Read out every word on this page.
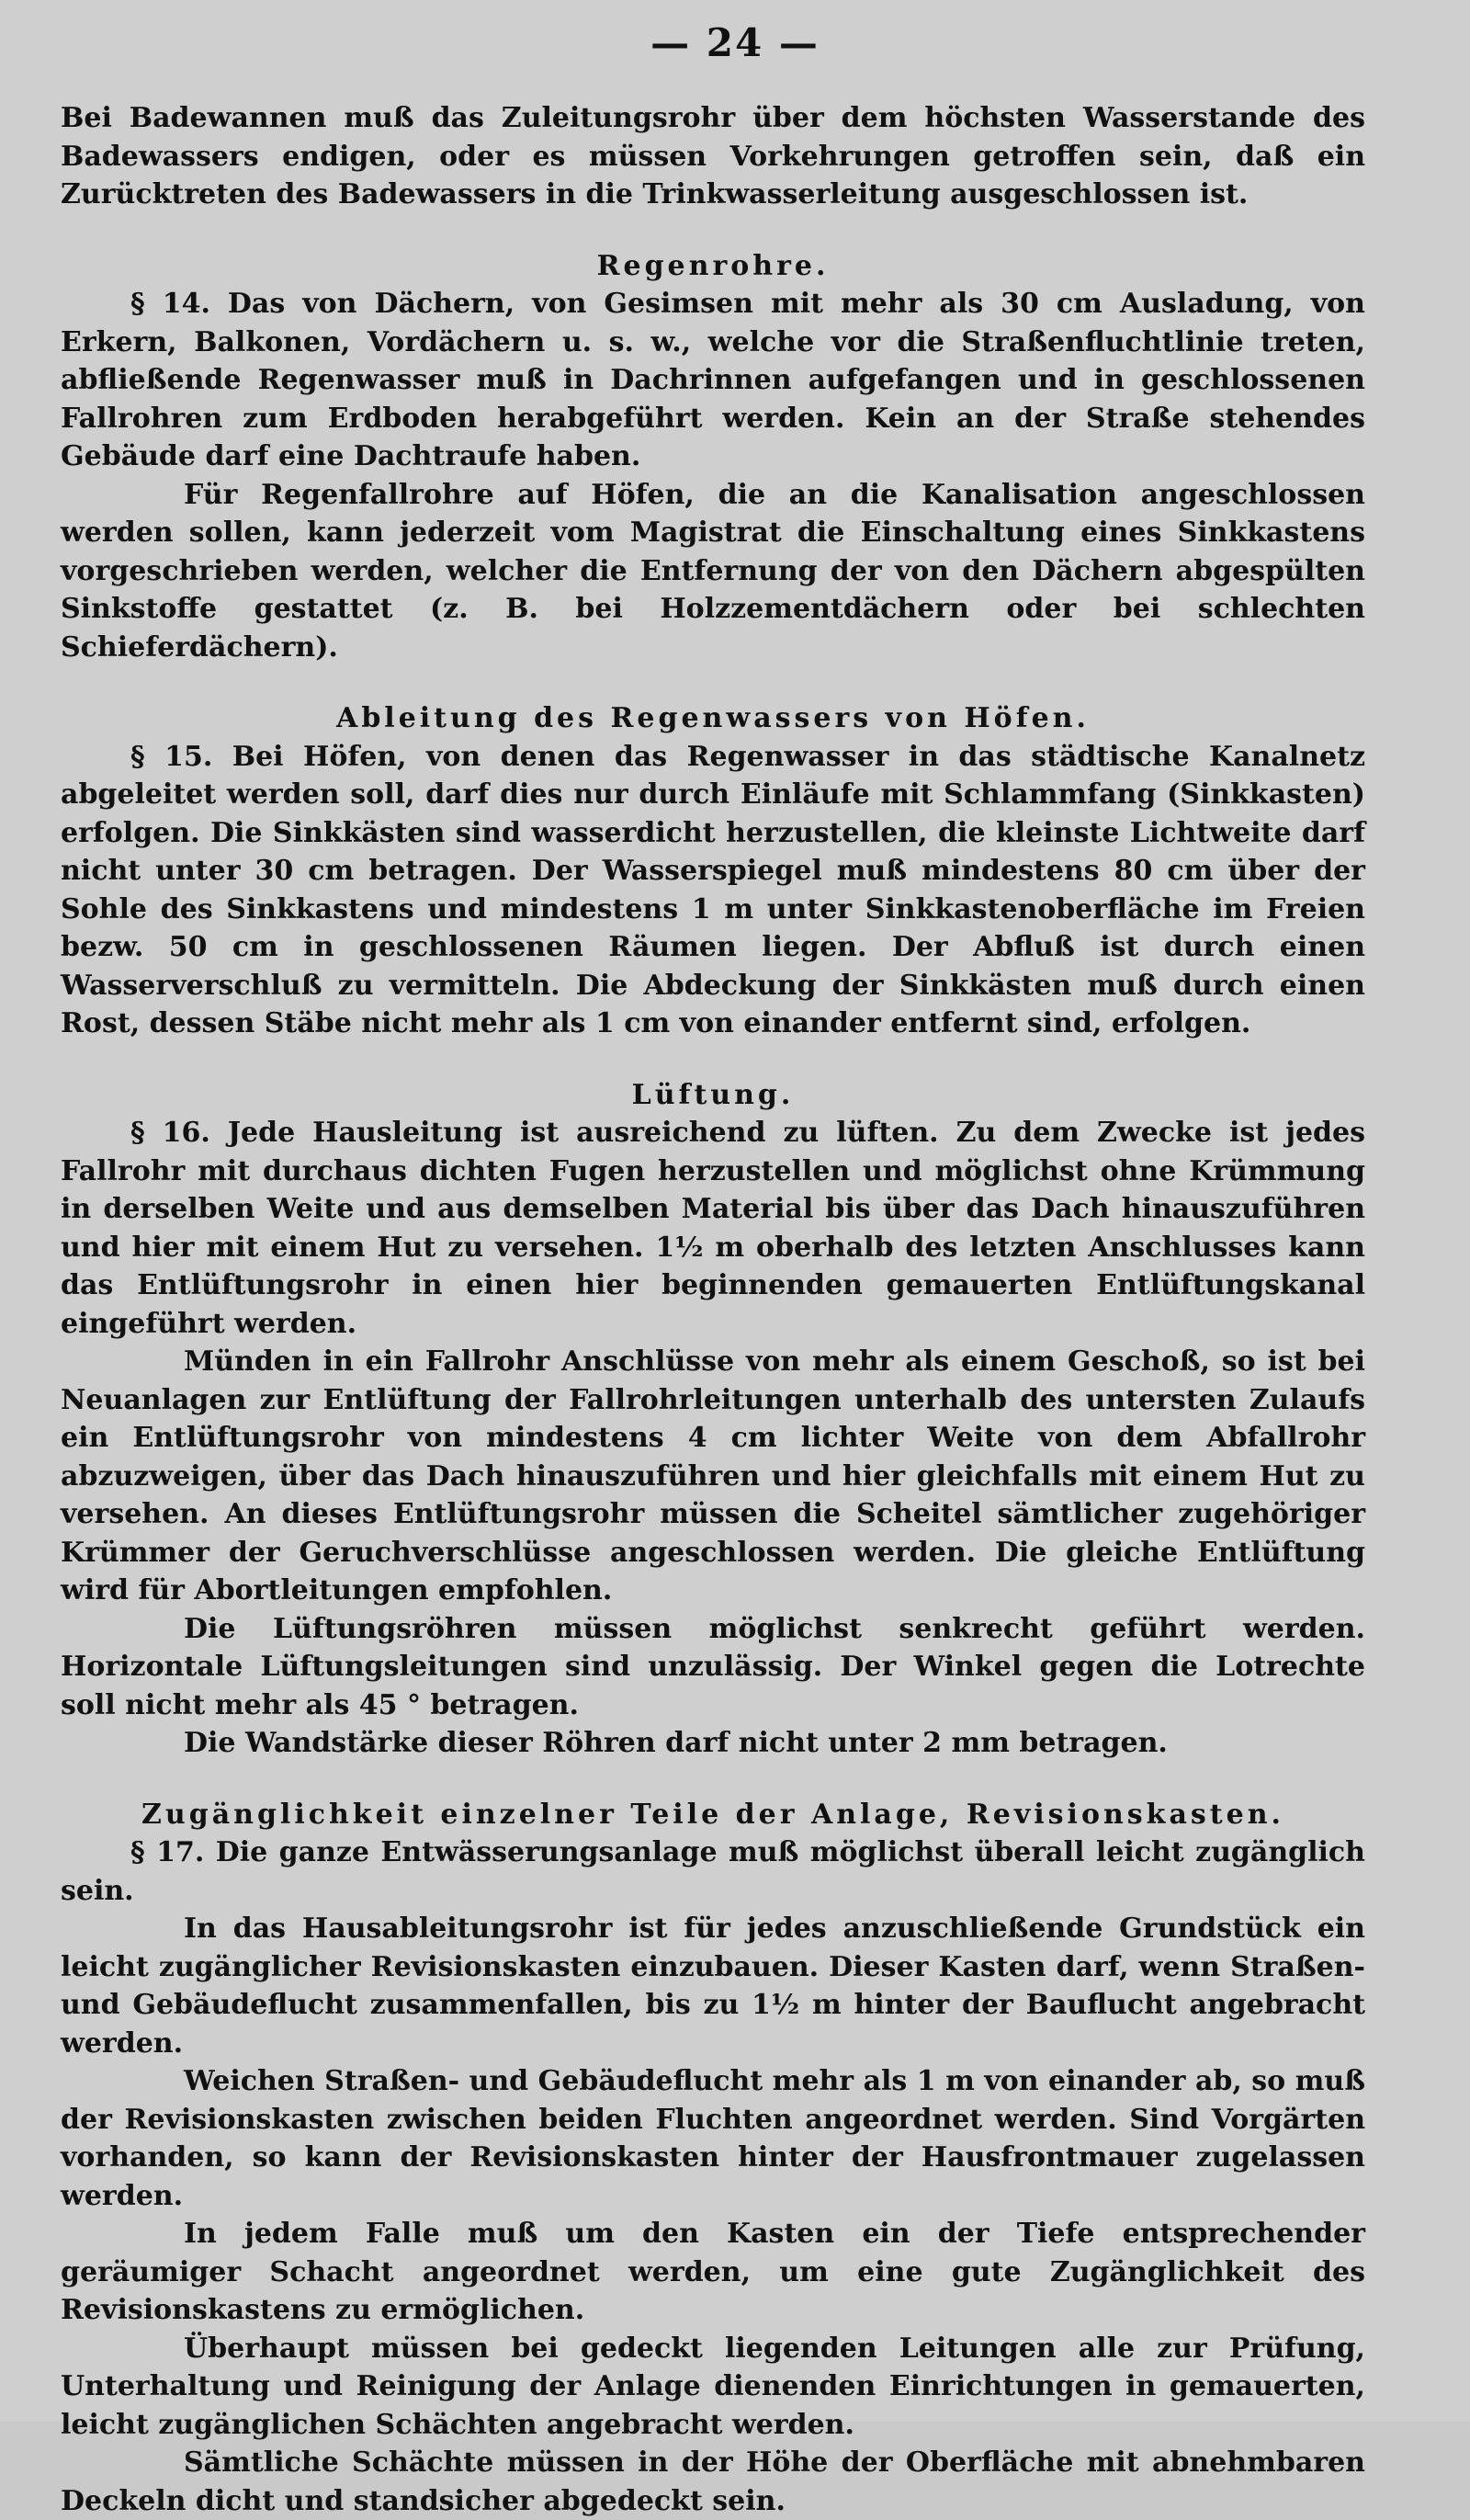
— 24 —

Bei Badewannen muß das Zuleitungsrohr über dem höchsten Wasserstande des Badewassers endigen, oder es müssen Vorkehrungen getroffen sein, daß ein Zurücktreten des Badewassers in die Trinkwasserleitung ausgeschlossen ist.

Regenrohre.

§ 14. Das von Dächern, von Gesimsen mit mehr als 30 cm Ausladung, von Erkern, Balkonen, Vordächern u. s. w., welche vor die Straßenfluchtlinie treten, abfließende Regenwasser muß in Dachrinnen aufgefangen und in geschlossenen Fallrohren zum Erdboden herabgeführt werden. Kein an der Straße stehendes Gebäude darf eine Dachtraufe haben.

Für Regenfallrohre auf Höfen, die an die Kanalisation angeschlossen werden sollen, kann jederzeit vom Magistrat die Einschaltung eines Sinkkastens vorgeschrieben werden, welcher die Entfernung der von den Dächern abgespülten Sinkstoffe gestattet (z. B. bei Holzzementdächern oder bei schlechten Schieferdächern).

Ableitung des Regenwassers von Höfen.

§ 15. Bei Höfen, von denen das Regenwasser in das städtische Kanalnetz abgeleitet werden soll, darf dies nur durch Einläufe mit Schlammfang (Sinkkasten) erfolgen. Die Sinkkästen sind wasserdicht herzustellen, die kleinste Lichtweite darf nicht unter 30 cm betragen. Der Wasserspiegel muß mindestens 80 cm über der Sohle des Sinkkastens und mindestens 1 m unter Sinkkastenoberfläche im Freien bezw. 50 cm in geschlossenen Räumen liegen. Der Abfluß ist durch einen Wasserverschluß zu vermitteln. Die Abdeckung der Sinkkästen muß durch einen Rost, dessen Stäbe nicht mehr als 1 cm von einander entfernt sind, erfolgen.

Lüftung.

§ 16. Jede Hausleitung ist ausreichend zu lüften. Zu dem Zwecke ist jedes Fallrohr mit durchaus dichten Fugen herzustellen und möglichst ohne Krümmung in derselben Weite und aus demselben Material bis über das Dach hinauszuführen und hier mit einem Hut zu versehen. 1½ m oberhalb des letzten Anschlusses kann das Entlüftungsrohr in einen hier beginnenden gemauerten Entlüftungskanal eingeführt werden.

Münden in ein Fallrohr Anschlüsse von mehr als einem Geschoß, so ist bei Neuanlagen zur Entlüftung der Fallrohrleitungen unterhalb des untersten Zulaufs ein Entlüftungsrohr von mindestens 4 cm lichter Weite von dem Abfallrohr abzuzweigen, über das Dach hinauszuführen und hier gleichfalls mit einem Hut zu versehen. An dieses Entlüftungsrohr müssen die Scheitel sämtlicher zugehöriger Krümmer der Geruchverschlüsse angeschlossen werden. Die gleiche Entlüftung wird für Abortleitungen empfohlen.

Die Lüftungsröhren müssen möglichst senkrecht geführt werden. Horizontale Lüftungsleitungen sind unzulässig. Der Winkel gegen die Lotrechte soll nicht mehr als 45 ° betragen.

Die Wandstärke dieser Röhren darf nicht unter 2 mm betragen.

Zugänglichkeit einzelner Teile der Anlage, Revisionskasten.

§ 17. Die ganze Entwässerungsanlage muß möglichst überall leicht zugänglich sein.

In das Hausableitungsrohr ist für jedes anzuschließende Grundstück ein leicht zugänglicher Revisionskasten einzubauen. Dieser Kasten darf, wenn Straßen- und Gebäudeflucht zusammenfallen, bis zu 1½ m hinter der Bauflucht angebracht werden.

Weichen Straßen- und Gebäudeflucht mehr als 1 m von einander ab, so muß der Revisionskasten zwischen beiden Fluchten angeordnet werden. Sind Vorgärten vorhanden, so kann der Revisionskasten hinter der Hausfrontmauer zugelassen werden.

In jedem Falle muß um den Kasten ein der Tiefe entsprechender geräumiger Schacht angeordnet werden, um eine gute Zugänglichkeit des Revisionskastens zu ermöglichen.

Überhaupt müssen bei gedeckt liegenden Leitungen alle zur Prüfung, Unterhaltung und Reinigung der Anlage dienenden Einrichtungen in gemauerten, leicht zugänglichen Schächten angebracht werden.

Sämtliche Schächte müssen in der Höhe der Oberfläche mit abnehmbaren Deckeln dicht und standsicher abgedeckt sein.
